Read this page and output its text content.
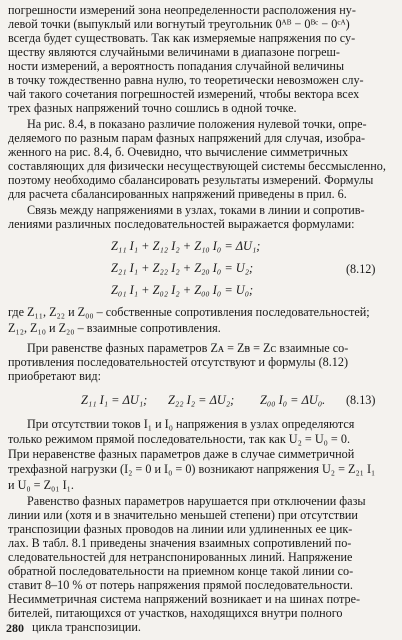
погрешности измерений зона неопределенности расположения ну-
левой точки (выпуклый или вогнутый треугольник 0ᴬᴮ − 0ᴮᶜ − 0ᶜᴬ)
всегда будет существовать. Так как измеряемые напряжения по су-
ществу являются случайными величинами в диапазоне погреш-
ности измерений, а вероятность попадания случайной величины
в точку тождественно равна нулю, то теоретически невозможен слу-
чай такого сочетания погрешностей измерений, чтобы вектора всех
трех фазных напряжений точно сошлись в одной точке.
На рис. 8.4, в показано различие положения нулевой точки, опре-
деляемого по разным парам фазных напряжений для случая, изобра-
женного на рис. 8.4, б. Очевидно, что вычисление симметричных
составляющих для физически несуществующей системы бессмысленно,
поэтому необходимо сбалансировать результаты измерений. Формулы
для расчета сбалансированных напряжений приведены в прил. 6.
Связь между напряжениями в узлах, токами в линии и сопротив-
лениями различных последовательностей выражается формулами:
Z₁₁ I₁ + Z₁₂ I₂ + Z₁₀ I₀ = ΔU₁;
Z₂₁ I₁ + Z₂₂ I₂ + Z₂₀ I₀ = U₂;
Z₀₁ I₁ + Z₀₂ I₂ + Z₀₀ I₀ = U₀;
(8.12)
где Z₁₁, Z₂₂ и Z₀₀ – собственные сопротивления последовательностей;
Z₁₂, Z₁₀ и Z₂₀ – взаимные сопротивления.
При равенстве фазных параметров Zᴀ = Zᴃ = Zᴄ взаимные со-
противления последовательностей отсутствуют и формулы (8.12)
приобретают вид:
Z₁₁ I₁ = ΔU₁; Z₂₂ I₂ = ΔU₂; Z₀₀ I₀ = ΔU₀. (8.13)
При отсутствии токов I₁ и I₀ напряжения в узлах определяются
только режимом прямой последовательности, так как U₂ = U₀ = 0.
При неравенстве фазных параметров даже в случае симметричной
трехфазной нагрузки (I₂ = 0 и I₀ = 0) возникают напряжения U₂ = Z₂₁ I₁
и U₀ = Z₀₁ I₁.
Равенство фазных параметров нарушается при отключении фазы
линии или (хотя и в значительно меньшей степени) при отсутствии
транспозиции фазных проводов на линии или удлиненных ее цик-
лах. В табл. 8.1 приведены значения взаимных сопротивлений по-
следовательностей для нетранспонированных линий. Напряжение
обратной последовательности на приемном конце такой линии со-
ставит 8–10 % от потерь напряжения прямой последовательности.
Несимметричная система напряжений возникает и на шинах потре-
бителей, питающихся от участков, находящихся внутри полного
цикла транспозиции.
280
